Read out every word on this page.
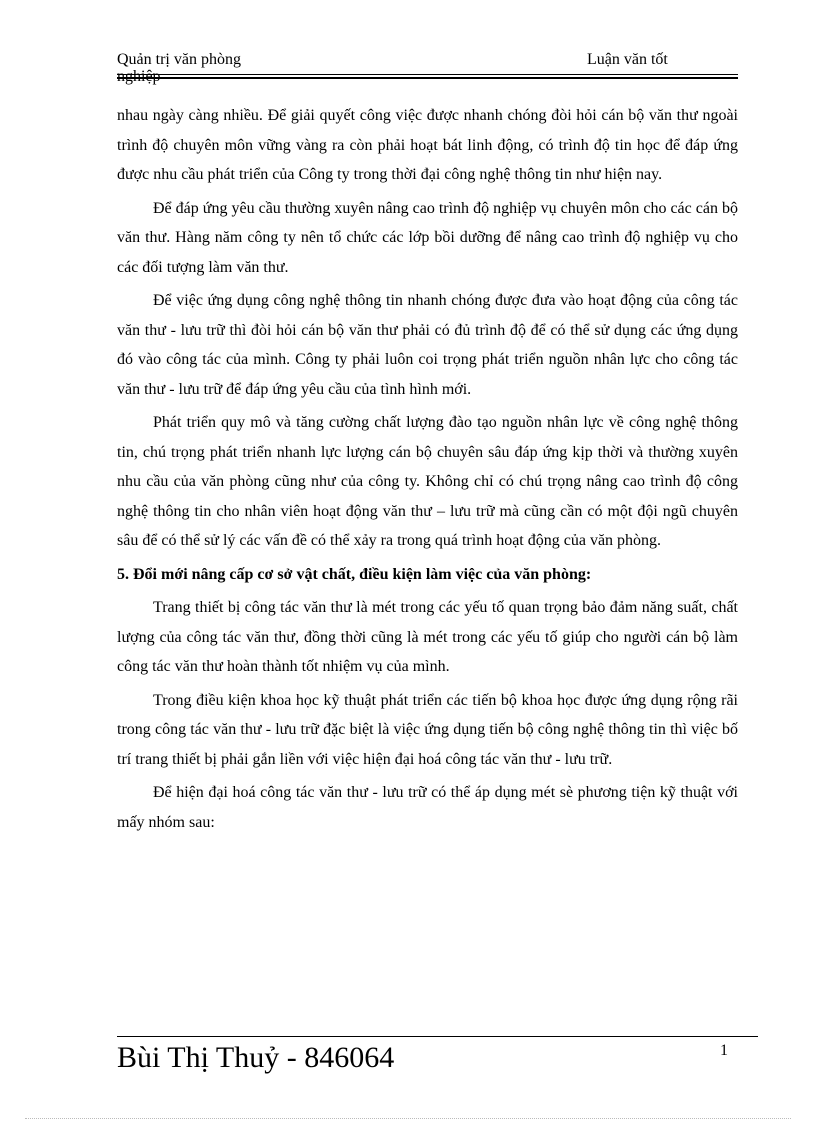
Quản trị văn phòng
nghiệp
Luận văn tốt

nhau ngày càng nhiều. Để giải quyết công việc được nhanh chóng đòi hỏi cán bộ văn thư ngoài trình độ chuyên môn vững vàng ra còn phải hoạt bát linh động, có trình độ tin học để đáp ứng được nhu cầu phát triển của Công ty trong thời đại công nghệ thông tin như hiện nay.

Để đáp ứng yêu cầu thường xuyên nâng cao trình độ nghiệp vụ chuyên môn cho các cán bộ văn thư. Hàng năm công ty nên tổ chức các lớp bồi dưỡng để nâng cao trình độ nghiệp vụ cho các đối tượng làm văn thư.

Để việc ứng dụng công nghệ thông tin nhanh chóng được đưa vào hoạt động của công tác văn thư - lưu trữ thì đòi hỏi cán bộ văn thư phải có đủ trình độ để có thể sử dụng các ứng dụng đó vào công tác của mình. Công ty phải luôn coi trọng phát triển nguồn nhân lực cho công tác văn thư - lưu trữ để đáp ứng yêu cầu của tình hình mới.

Phát triển quy mô và tăng cường chất lượng đào tạo nguồn nhân lực về công nghệ thông tin, chú trọng phát triển nhanh lực lượng cán bộ chuyên sâu đáp ứng kịp thời và thường xuyên nhu cầu của văn phòng cũng như của công ty. Không chỉ có chú trọng nâng cao trình độ công nghệ thông tin cho nhân viên hoạt động văn thư – lưu trữ mà cũng cần có một đội ngũ chuyên sâu để có thể sử lý các vấn đề có thể xảy ra trong quá trình hoạt động của văn phòng.

5. Đổi mới nâng cấp cơ sở vật chất, điều kiện làm việc của văn phòng:

Trang thiết bị công tác văn thư là mét trong các yếu tố quan trọng bảo đảm năng suất, chất lượng của công tác văn thư, đồng thời cũng là mét trong các yếu tố giúp cho người cán bộ làm công tác văn thư hoàn thành tốt nhiệm vụ của mình.

Trong điều kiện khoa học kỹ thuật phát triển các tiến bộ khoa học được ứng dụng rộng rãi trong công tác văn thư - lưu trữ đặc biệt là việc ứng dụng tiến bộ công nghệ thông tin thì việc bố trí trang thiết bị phải gắn liền với việc hiện đại hoá công tác văn thư - lưu trữ.

Để hiện đại hoá công tác văn thư - lưu trữ có thể áp dụng mét sè phương tiện kỹ thuật với mấy nhóm sau:

Bùi Thị Thuỷ - 846064	1
